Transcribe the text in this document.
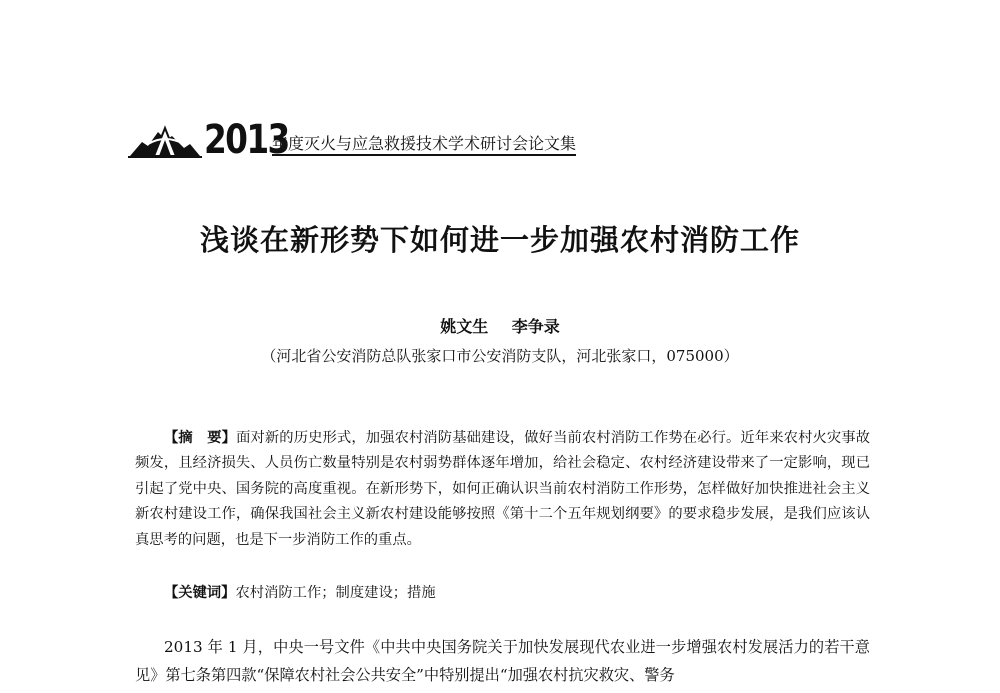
2013
年度灭火与应急救援技术学术研讨会论文集
浅谈在新形势下如何进一步加强农村消防工作
姚文生 李争录
（河北省公安消防总队张家口市公安消防支队，河北张家口，075000）
【摘　要】面对新的历史形式，加强农村消防基础建设，做好当前农村消防工作势在必行。近年来农村火灾事故频发，且经济损失、人员伤亡数量特别是农村弱势群体逐年增加，给社会稳定、农村经济建设带来了一定影响，现已引起了党中央、国务院的高度重视。在新形势下，如何正确认识当前农村消防工作形势，怎样做好加快推进社会主义新农村建设工作，确保我国社会主义新农村建设能够按照《第十二个五年规划纲要》的要求稳步发展，是我们应该认真思考的问题，也是下一步消防工作的重点。
【关键词】农村消防工作；制度建设；措施
2013 年 1 月，中央一号文件《中共中央国务院关于加快发展现代农业进一步增强农村发展活力的若干意见》第七条第四款“保障农村社会公共安全”中特别提出“加强农村抗灾救灾、警务
